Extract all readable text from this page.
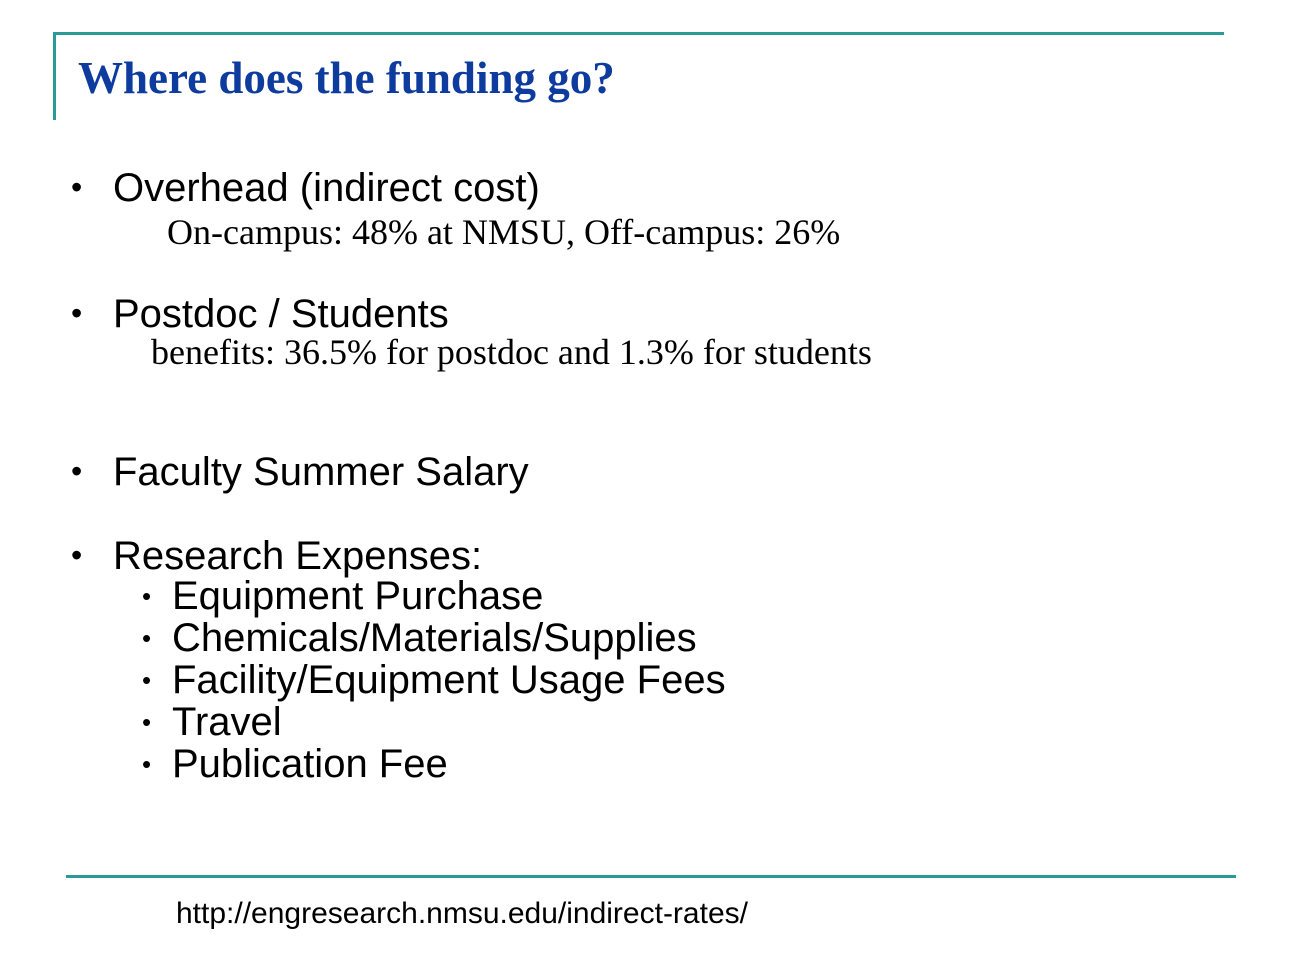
Where does the funding go?
• Overhead (indirect cost)
On-campus: 48% at NMSU, Off-campus: 26%
• Postdoc / Students
benefits: 36.5% for postdoc and 1.3% for students
• Faculty Summer Salary
• Research Expenses:
• Equipment Purchase
• Chemicals/Materials/Supplies
• Facility/Equipment Usage Fees
• Travel
• Publication Fee
http://engresearch.nmsu.edu/indirect-rates/
